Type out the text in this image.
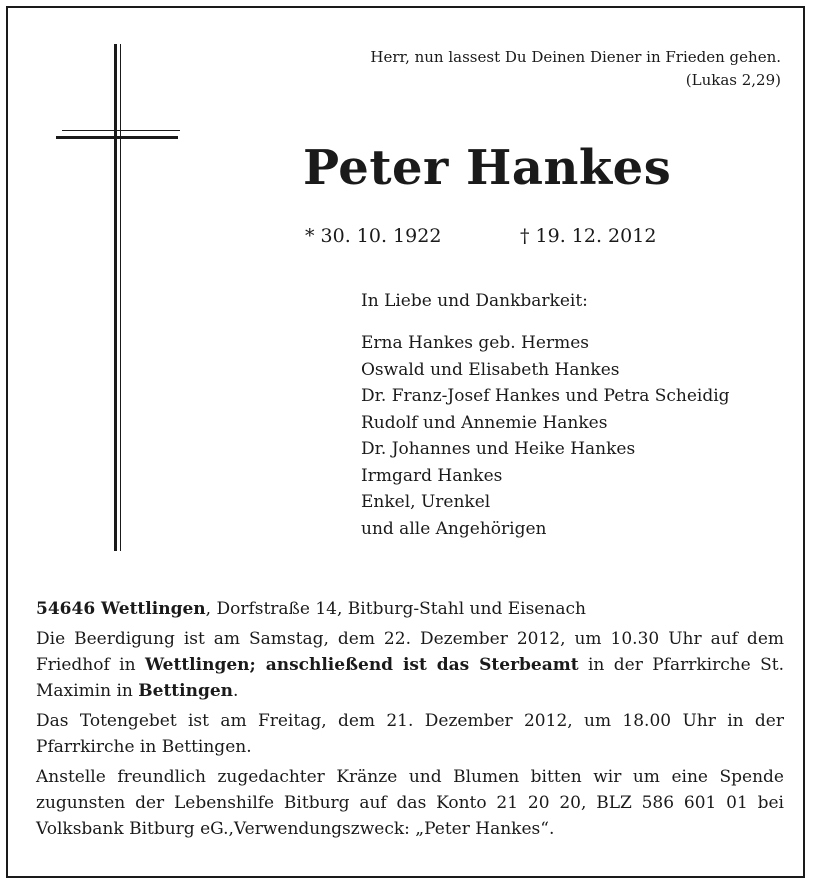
Herr, nun lassest Du Deinen Diener in Frieden gehen.
(Lukas 2,29)
Peter Hankes
* 30. 10. 1922	† 19. 12. 2012
In Liebe und Dankbarkeit:
Erna Hankes geb. Hermes
Oswald und Elisabeth Hankes
Dr. Franz-Josef Hankes und Petra Scheidig
Rudolf und Annemie Hankes
Dr. Johannes und Heike Hankes
Irmgard Hankes
Enkel, Urenkel
und alle Angehörigen

54646 Wettlingen, Dorfstraße 14, Bitburg-Stahl und Eisenach

Die Beerdigung ist am Samstag, dem 22. Dezember 2012, um 10.30 Uhr auf dem Friedhof in Wettlingen; anschließend ist das Sterbeamt in der Pfarrkirche St. Maximin in Bettingen.

Das Totengebet ist am Freitag, dem 21. Dezember 2012, um 18.00 Uhr in der Pfarrkirche in Bettingen.

Anstelle freundlich zugedachter Kränze und Blumen bitten wir um eine Spende zugunsten der Lebenshilfe Bitburg auf das Konto 21 20 20, BLZ 586 601 01 bei Volksbank Bitburg eG.,Verwendungszweck: „Peter Hankes“.
